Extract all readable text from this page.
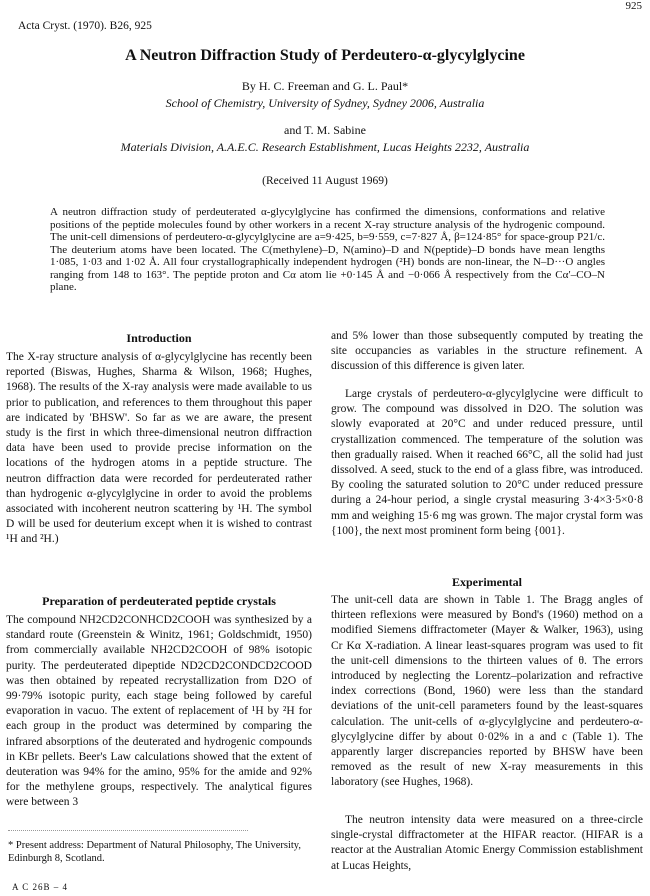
925
Acta Cryst. (1970). B26, 925
A Neutron Diffraction Study of Perdeutero-α-glycylglycine
By H. C. Freeman and G. L. Paul*
School of Chemistry, University of Sydney, Sydney 2006, Australia
and T. M. Sabine
Materials Division, A.A.E.C. Research Establishment, Lucas Heights 2232, Australia
(Received 11 August 1969)

A neutron diffraction study of perdeuterated α-glycylglycine has confirmed the dimensions, conformations and relative positions of the peptide molecules found by other workers in a recent X-ray structure analysis of the hydrogenic compound. The unit-cell dimensions of perdeutero-α-glycylglycine are a=9·425, b=9·559, c=7·827 Å, β=124·85° for space-group P21/c. The deuterium atoms have been located. The C(methylene)–D, N(amino)–D and N(peptide)–D bonds have mean lengths 1·085, 1·03 and 1·02 Å. All four crystallographically independent hydrogen (²H) bonds are non-linear, the N–D···O angles ranging from 148 to 163°. The peptide proton and Cα atom lie +0·145 Å and −0·066 Å respectively from the Cα′–CO–N plane.

Introduction

The X-ray structure analysis of α-glycylglycine has recently been reported (Biswas, Hughes, Sharma & Wilson, 1968; Hughes, 1968). The results of the X-ray analysis were made available to us prior to publication, and references to them throughout this paper are indicated by 'BHSW'. So far as we are aware, the present study is the first in which three-dimensional neutron diffraction data have been used to provide precise information on the locations of the hydrogen atoms in a peptide structure. The neutron diffraction data were recorded for perdeuterated rather than hydrogenic α-glycylglycine in order to avoid the problems associated with incoherent neutron scattering by ¹H. The symbol D will be used for deuterium except when it is wished to contrast ¹H and ²H.)

Preparation of perdeuterated peptide crystals

The compound NH2CD2CONHCD2COOH was synthesized by a standard route (Greenstein & Winitz, 1961; Goldschmidt, 1950) from commercially available NH2CD2COOH of 98% isotopic purity. The perdeuterated dipeptide ND2CD2CONDCD2COOD was then obtained by repeated recrystallization from D2O of 99·79% isotopic purity, each stage being followed by careful evaporation in vacuo. The extent of replacement of ¹H by ²H for each group in the product was determined by comparing the infrared absorptions of the deuterated and hydrogenic compounds in KBr pellets. Beer's Law calculations showed that the extent of deuteration was 94% for the amino, 95% for the amide and 92% for the methylene groups, respectively. The analytical figures were between 3

* Present address: Department of Natural Philosophy, The University, Edinburgh 8, Scotland.

A C 26B – 4

and 5% lower than those subsequently computed by treating the site occupancies as variables in the structure refinement. A discussion of this difference is given later.

Large crystals of perdeutero-α-glycylglycine were difficult to grow. The compound was dissolved in D2O. The solution was slowly evaporated at 20°C and under reduced pressure, until crystallization commenced. The temperature of the solution was then gradually raised. When it reached 66°C, all the solid had just dissolved. A seed, stuck to the end of a glass fibre, was introduced. By cooling the saturated solution to 20°C under reduced pressure during a 24-hour period, a single crystal measuring 3·4×3·5×0·8 mm and weighing 15·6 mg was grown. The major crystal form was {100}, the next most prominent form being {001}.

Experimental

The unit-cell data are shown in Table 1. The Bragg angles of thirteen reflexions were measured by Bond's (1960) method on a modified Siemens diffractometer (Mayer & Walker, 1963), using Cr Kα X-radiation. A linear least-squares program was used to fit the unit-cell dimensions to the thirteen values of θ. The errors introduced by neglecting the Lorentz–polarization and refractive index corrections (Bond, 1960) were less than the standard deviations of the unit-cell parameters found by the least-squares calculation. The unit-cells of α-glycylglycine and perdeutero-α-glycylglycine differ by about 0·02% in a and c (Table 1). The apparently larger discrepancies reported by BHSW have been removed as the result of new X-ray measurements in this laboratory (see Hughes, 1968).

The neutron intensity data were measured on a three-circle single-crystal diffractometer at the HIFAR reactor. (HIFAR is a reactor at the Australian Atomic Energy Commission establishment at Lucas Heights,
